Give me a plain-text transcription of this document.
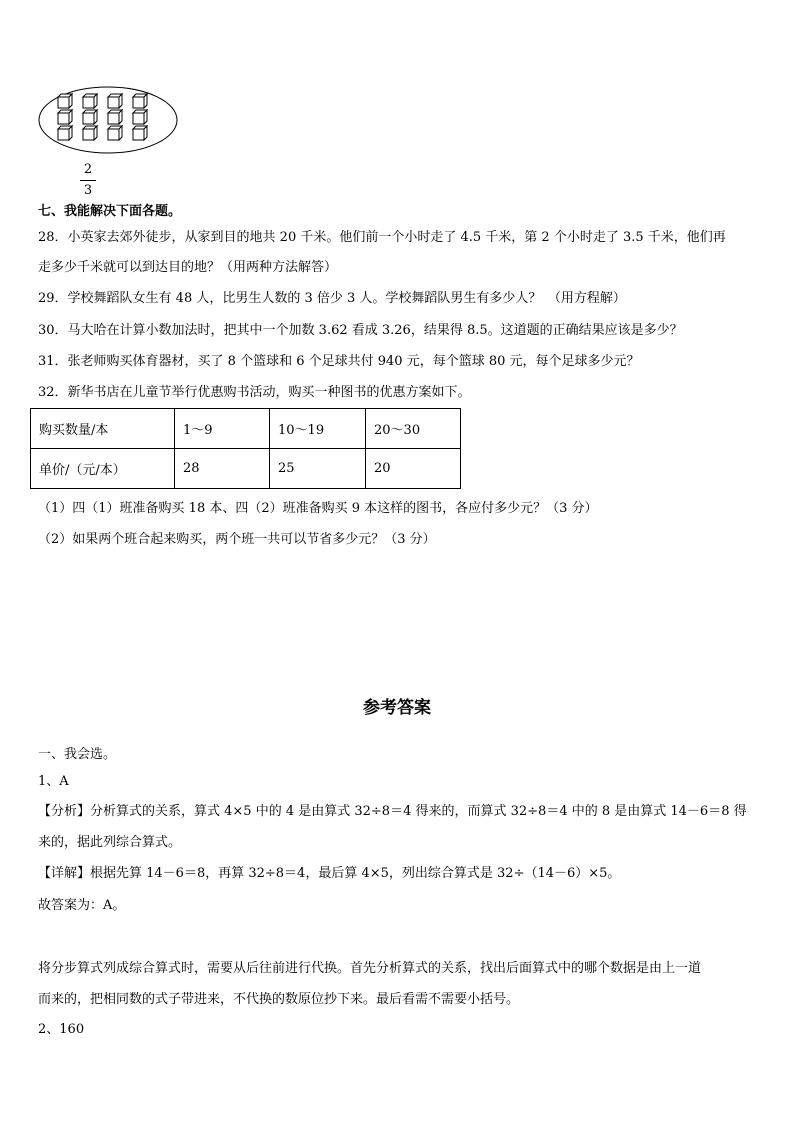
2
3
七、我能解决下面各题。
28．小英家去郊外徒步，从家到目的地共 20 千米。他们前一个小时走了 4.5 千米，第 2 个小时走了 3.5 千米，他们再
走多少千米就可以到达目的地？（用两种方法解答）
29．学校舞蹈队女生有 48 人，比男生人数的 3 倍少 3 人。学校舞蹈队男生有多少人？　（用方程解）
30．马大哈在计算小数加法时，把其中一个加数 3.62 看成 3.26，结果得 8.5。这道题的正确结果应该是多少？
31．张老师购买体育器材，买了 8 个篮球和 6 个足球共付 940 元，每个篮球 80 元，每个足球多少元？
32．新华书店在儿童节举行优惠购书活动，购买一种图书的优惠方案如下。
购买数量/本	1～9	10～19	20～30
单价/（元/本）	28	25	20
（1）四（1）班准备购买 18 本、四（2）班准备购买 9 本这样的图书，各应付多少元？（3 分）
（2）如果两个班合起来购买，两个班一共可以节省多少元？（3 分）
参考答案
一、我会选。
1、A
【分析】分析算式的关系，算式 4×5 中的 4 是由算式 32÷8＝4 得来的，而算式 32÷8＝4 中的 8 是由算式 14－6＝8 得
来的，据此列综合算式。
【详解】根据先算 14－6＝8，再算 32÷8＝4，最后算 4×5，列出综合算式是 32÷（14－6）×5。
故答案为：A。
将分步算式列成综合算式时，需要从后往前进行代换。首先分析算式的关系，找出后面算式中的哪个数据是由上一道
而来的，把相同数的式子带进来，不代换的数原位抄下来。最后看需不需要小括号。
2、160
